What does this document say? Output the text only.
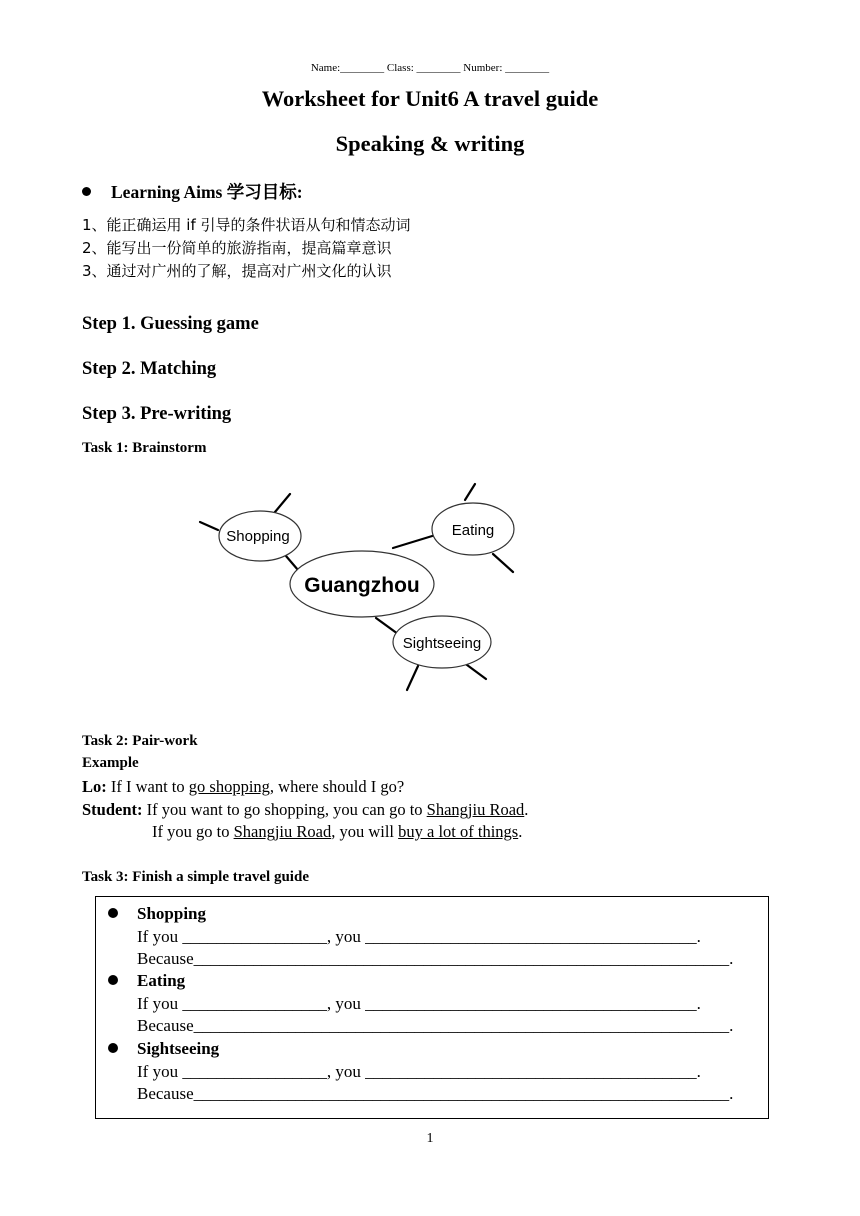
Name:________ Class: ________ Number: ________
Worksheet for Unit6 A travel guide
Speaking & writing
Learning Aims 学习目标:
1、能正确运用 if 引导的条件状语从句和情态动词
2、能写出一份简单的旅游指南，提高篇章意识
3、通过对广州的了解，提高对广州文化的认识
Step 1. Guessing game
Step 2. Matching
Step 3. Pre-writing
Task 1: Brainstorm
Shopping	Eating
Guangzhou
Sightseeing
Task 2: Pair-work
Example
Lo: If I want to go shopping, where should I go?
Student: If you want to go shopping, you can go to Shangjiu Road.
If you go to Shangjiu Road, you will buy a lot of things.
Task 3: Finish a simple travel guide
Shopping
If you _________________, you _______________________________________.
Because_______________________________________________________________.
Eating
If you _________________, you _______________________________________.
Because_______________________________________________________________.
Sightseeing
If you _________________, you _______________________________________.
Because_______________________________________________________________.
1
